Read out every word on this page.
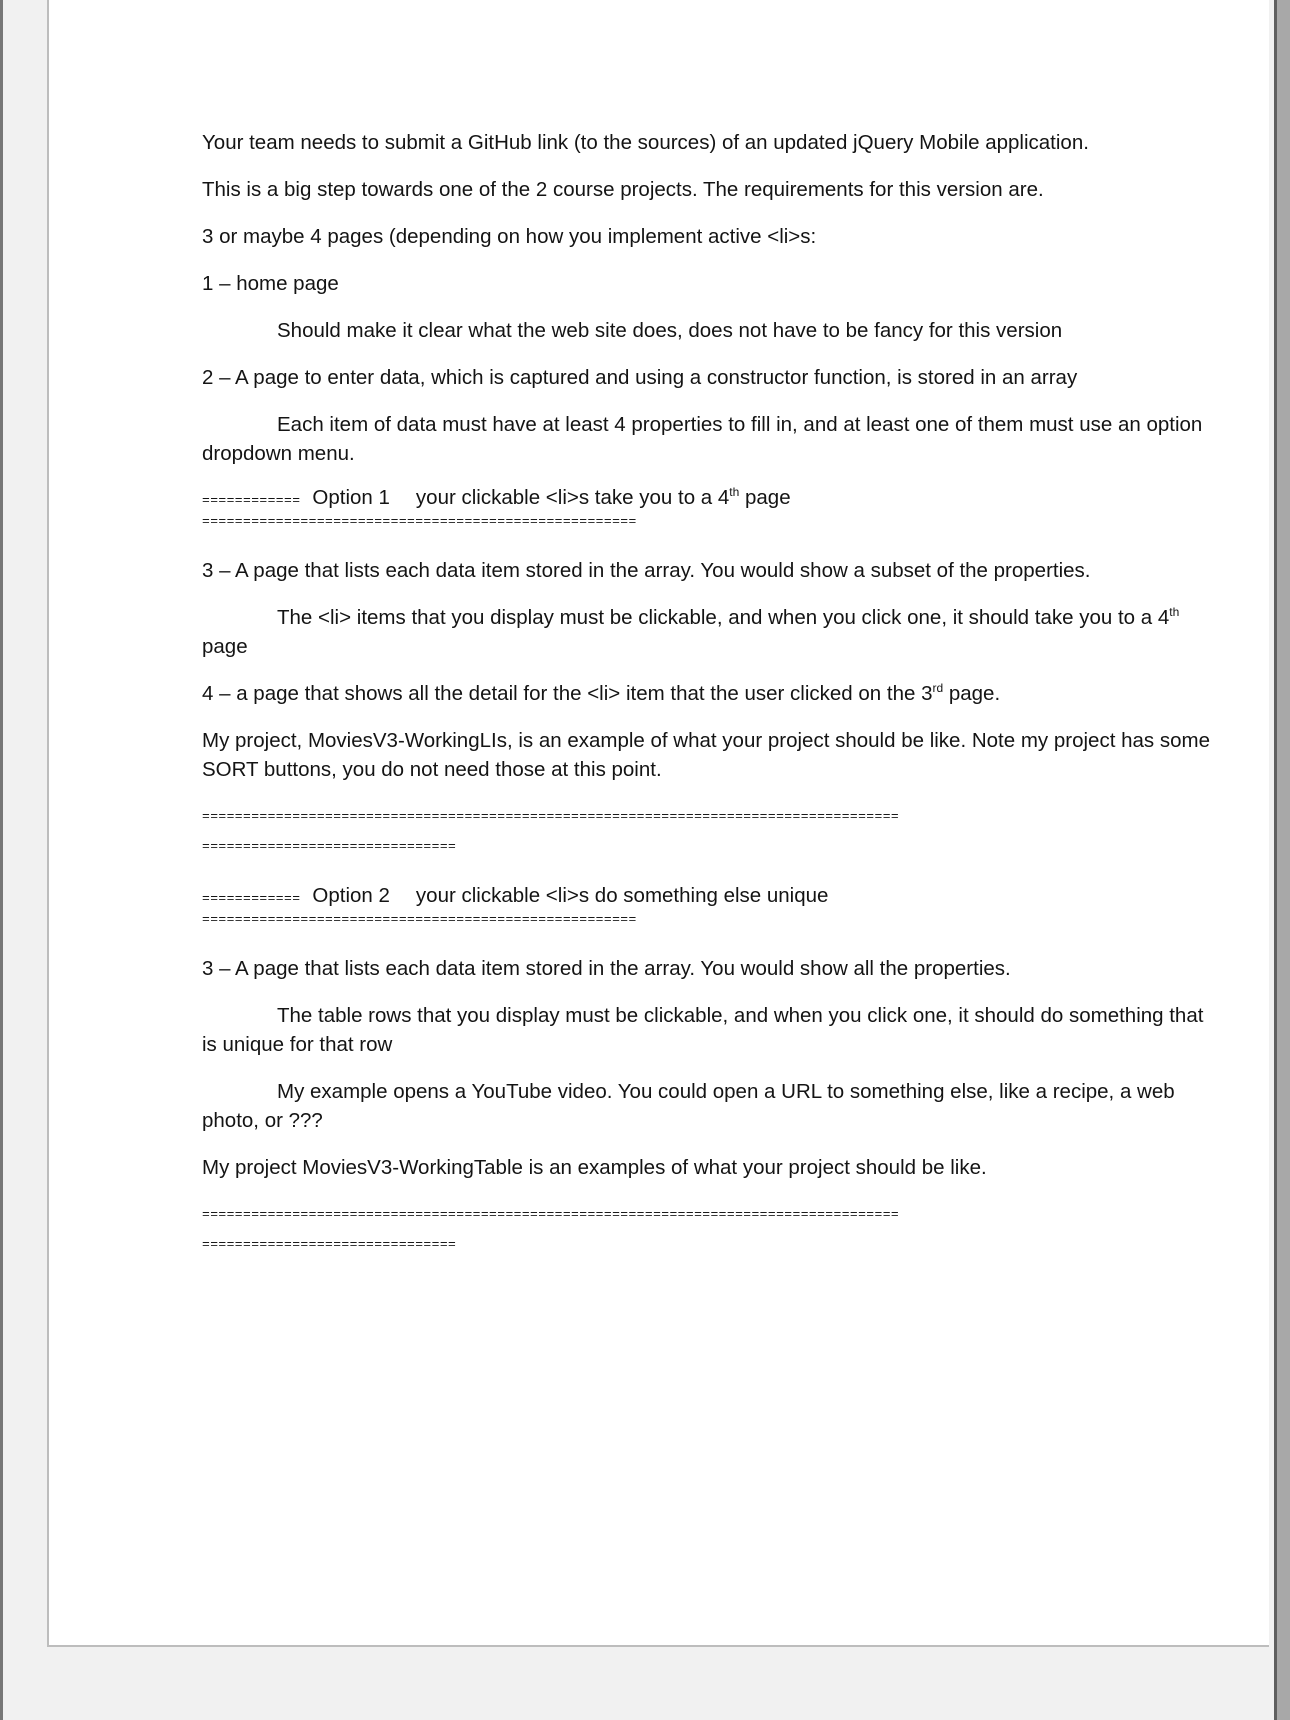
Your team needs to submit a GitHub link (to the sources) of an updated jQuery Mobile application.

This is a big step towards one of the 2 course projects. The requirements for this version are.

3 or maybe 4 pages (depending on how you implement active <li>s:

1 – home page

Should make it clear what the web site does, does not have to be fancy for this version

2 – A page to enter data, which is captured and using a constructor function, is stored in an array

Each item of data must have at least 4 properties to fill in, and at least one of them must use an option dropdown menu.

============ Option 1 your clickable <li>s take you to a 4th page

=====================================================

3 – A page that lists each data item stored in the array. You would show a subset of the properties.

The <li> items that you display must be clickable, and when you click one, it should take you to a 4th page

4 – a page that shows all the detail for the <li> item that the user clicked on the 3rd page.

My project, MoviesV3-WorkingLIs, is an example of what your project should be like. Note my project has some SORT buttons, you do not need those at this point.

=====================================================================================

===============================

============ Option 2 your clickable <li>s do something else unique

=====================================================

3 – A page that lists each data item stored in the array. You would show all the properties.

The table rows that you display must be clickable, and when you click one, it should do something that is unique for that row

My example opens a YouTube video. You could open a URL to something else, like a recipe, a web photo, or ???

My project MoviesV3-WorkingTable is an examples of what your project should be like.

=====================================================================================

===============================
